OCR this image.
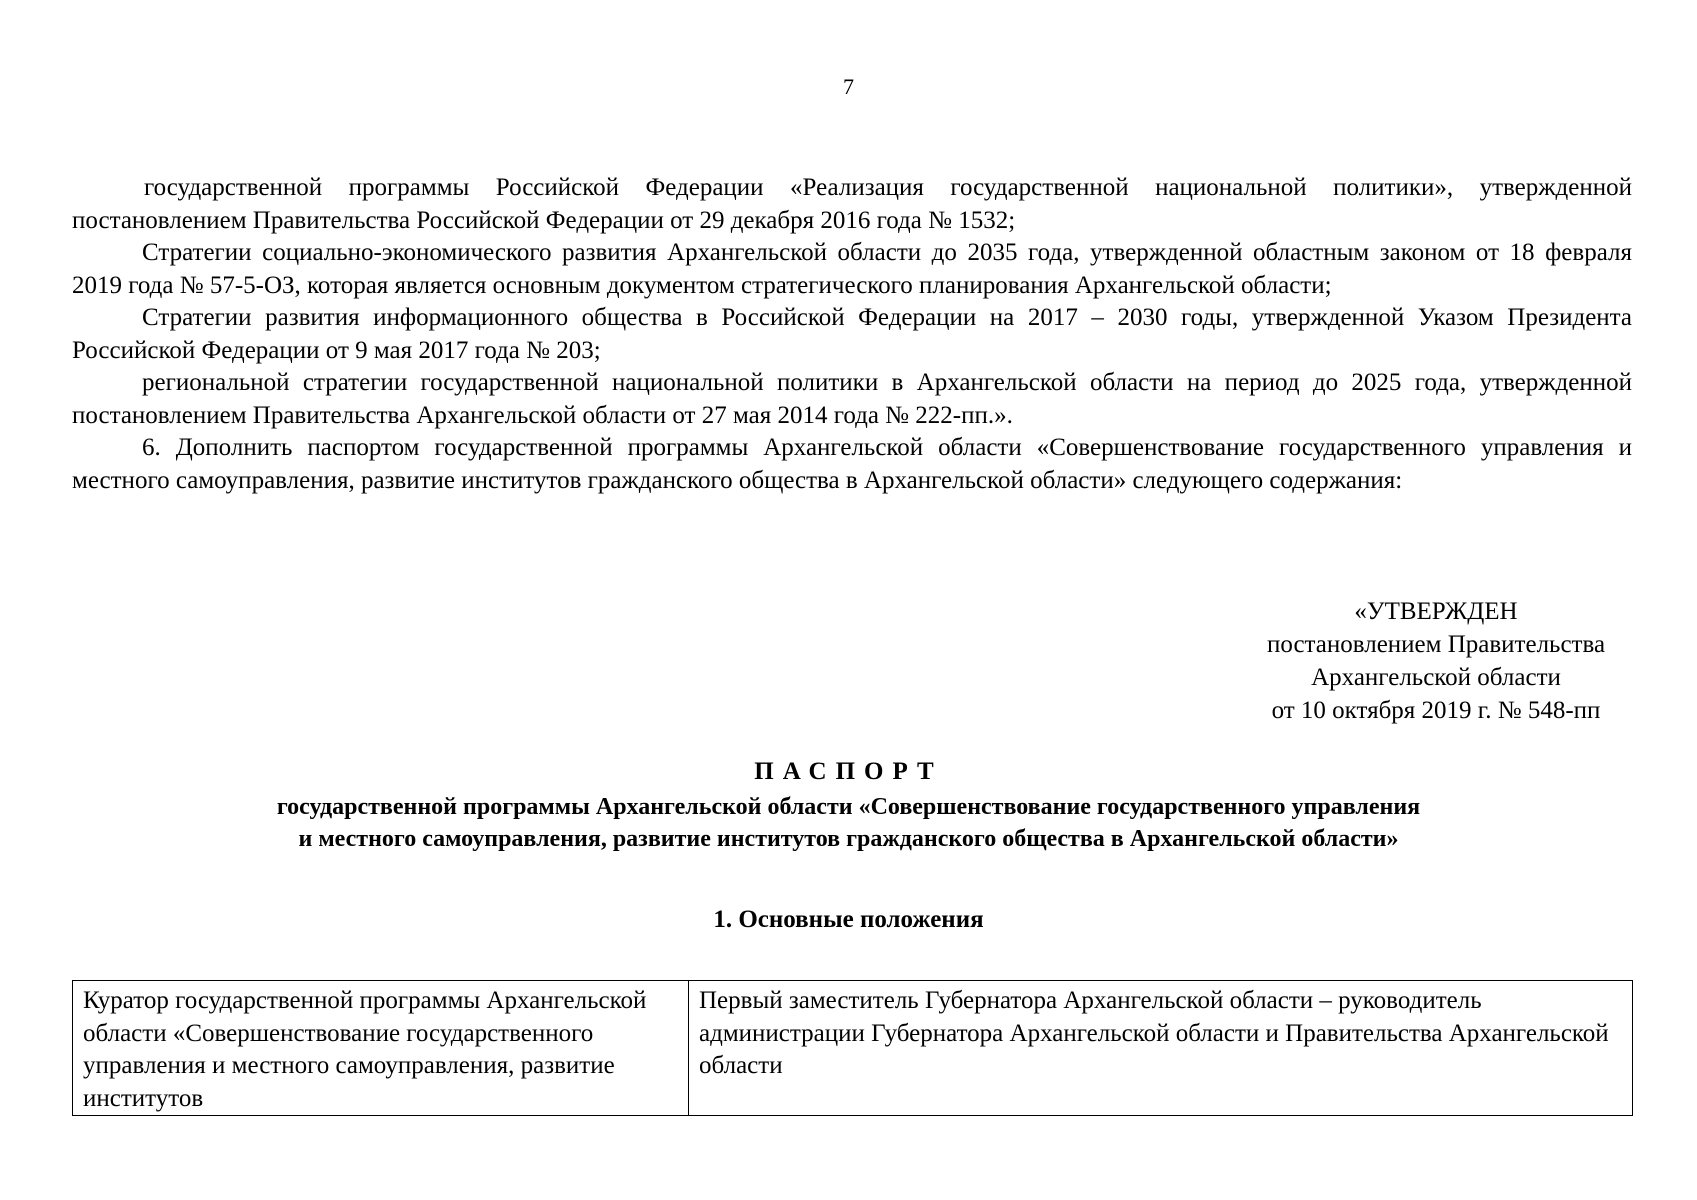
7

государственной программы Российской Федерации «Реализация государственной национальной политики», утвержденной постановлением Правительства Российской Федерации от 29 декабря 2016 года № 1532;

Стратегии социально-экономического развития Архангельской области до 2035 года, утвержденной областным законом от 18 февраля 2019 года № 57-5-ОЗ, которая является основным документом стратегического планирования Архангельской области;

Стратегии развития информационного общества в Российской Федерации на 2017 – 2030 годы, утвержденной Указом Президента Российской Федерации от 9 мая 2017 года № 203;

региональной стратегии государственной национальной политики в Архангельской области на период до 2025 года, утвержденной постановлением Правительства Архангельской области от 27 мая 2014 года № 222-пп.».

6. Дополнить паспортом государственной программы Архангельской области «Совершенствование государственного управления и местного самоуправления, развитие институтов гражданского общества в Архангельской области» следующего содержания:

«УТВЕРЖДЕН
постановлением Правительства
Архангельской области
от 10 октября 2019 г. № 548-пп
ПАСПОРТ
государственной программы Архангельской области «Совершенствование государственного управления
и местного самоуправления, развитие институтов гражданского общества в Архангельской области»
1. Основные положения
Куратор государственной программы Архангельской области «Совершенствование государственного управления и местного самоуправления, развитие институтов	Первый заместитель Губернатора Архангельской области – руководитель администрации Губернатора Архангельской области и Правительства Архангельской области
